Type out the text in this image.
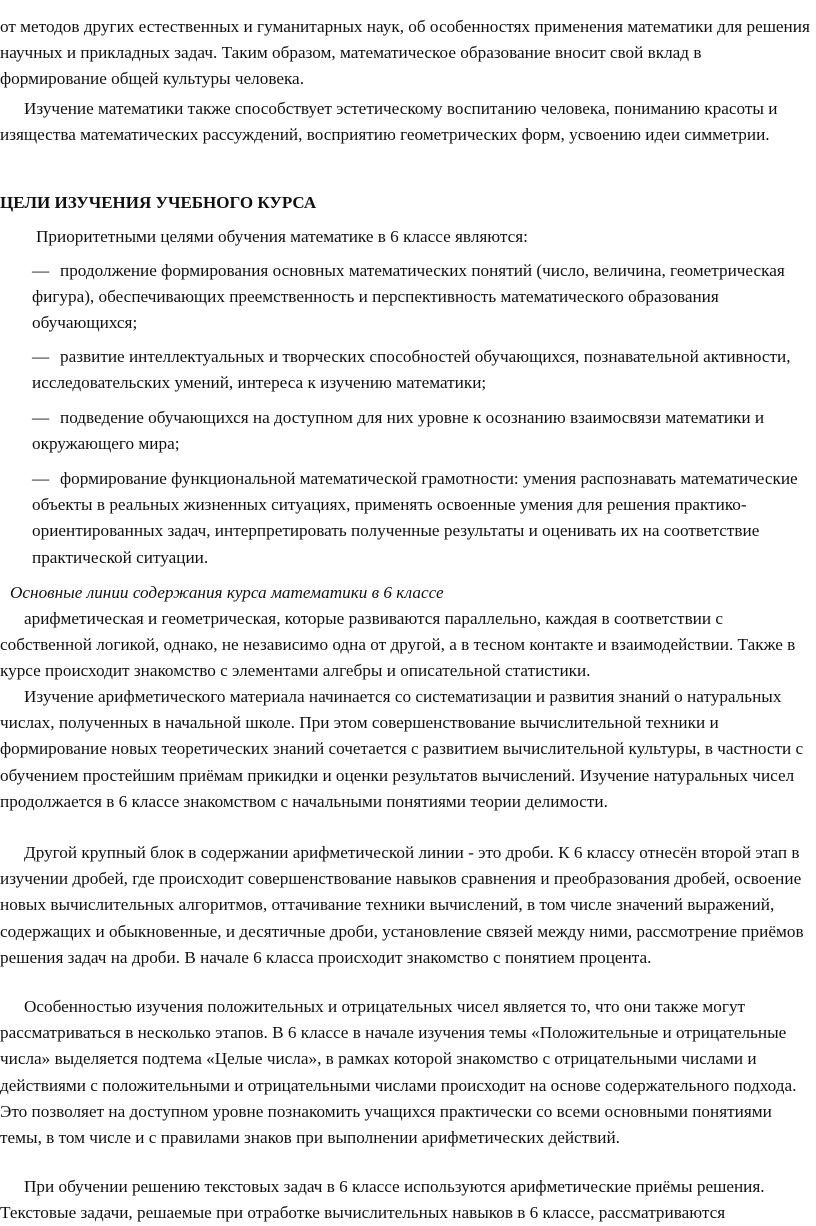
от методов других естественных и гуманитарных наук, об особенностях применения математики для решения научных и прикладных задач. Таким образом, математическое образование вносит свой вклад в формирование общей культуры человека.

Изучение математики также способствует эстетическому воспитанию человека, пониманию красоты и изящества математических рассуждений, восприятию геометрических форм, усвоению идеи симметрии.

ЦЕЛИ ИЗУЧЕНИЯ УЧЕБНОГО КУРСА

Приоритетными целями обучения математике в 6 классе являются:

— продолжение формирования основных математических понятий (число, величина, геометрическая фигура), обеспечивающих преемственность и перспективность математического образования обучающихся;

— развитие интеллектуальных и творческих способностей обучающихся, познавательной активности, исследовательских умений, интереса к изучению математики;

— подведение обучающихся на доступном для них уровне к осознанию взаимосвязи математики и окружающего мира;

— формирование функциональной математической грамотности: умения распознавать математические объекты в реальных жизненных ситуациях, применять освоенные умения для решения практико-ориентированных задач, интерпретировать полученные результаты и оценивать их на соответствие практической ситуации.

Основные линии содержания курса математики в 6 классе

арифметическая и геометрическая, которые развиваются параллельно, каждая в соответствии с собственной логикой, однако, не независимо одна от другой, а в тесном контакте и взаимодействии. Также в курсе происходит знакомство с элементами алгебры и описательной статистики.

Изучение арифметического материала начинается со систематизации и развития знаний о натуральных числах, полученных в начальной школе. При этом совершенствование вычислительной техники и формирование новых теоретических знаний сочетается с развитием вычислительной культуры, в частности с обучением простейшим приёмам прикидки и оценки результатов вычислений. Изучение натуральных чисел продолжается в 6 классе знакомством с начальными понятиями теории делимости.

Другой крупный блок в содержании арифметической линии - это дроби. К 6 классу отнесён второй этап в изучении дробей, где происходит совершенствование навыков сравнения и преобразования дробей, освоение новых вычислительных алгоритмов, оттачивание техники вычислений, в том числе значений выражений, содержащих и обыкновенные, и десятичные дроби, установление связей между ними, рассмотрение приёмов решения задач на дроби. В начале 6 класса происходит знакомство с понятием процента.

Особенностью изучения положительных и отрицательных чисел является то, что они также могут рассматриваться в несколько этапов. В 6 классе в начале изучения темы «Положительные и отрицательные числа» выделяется подтема «Целые числа», в рамках которой знакомство с отрицательными числами и действиями с положительными и отрицательными числами происходит на основе содержательного подхода. Это позволяет на доступном уровне познакомить учащихся практически со всеми основными понятиями темы, в том числе и с правилами знаков при выполнении арифметических действий.

При обучении решению текстовых задач в 6 классе используются арифметические приёмы решения. Текстовые задачи, решаемые при отработке вычислительных навыков в 6 классе, рассматриваются
